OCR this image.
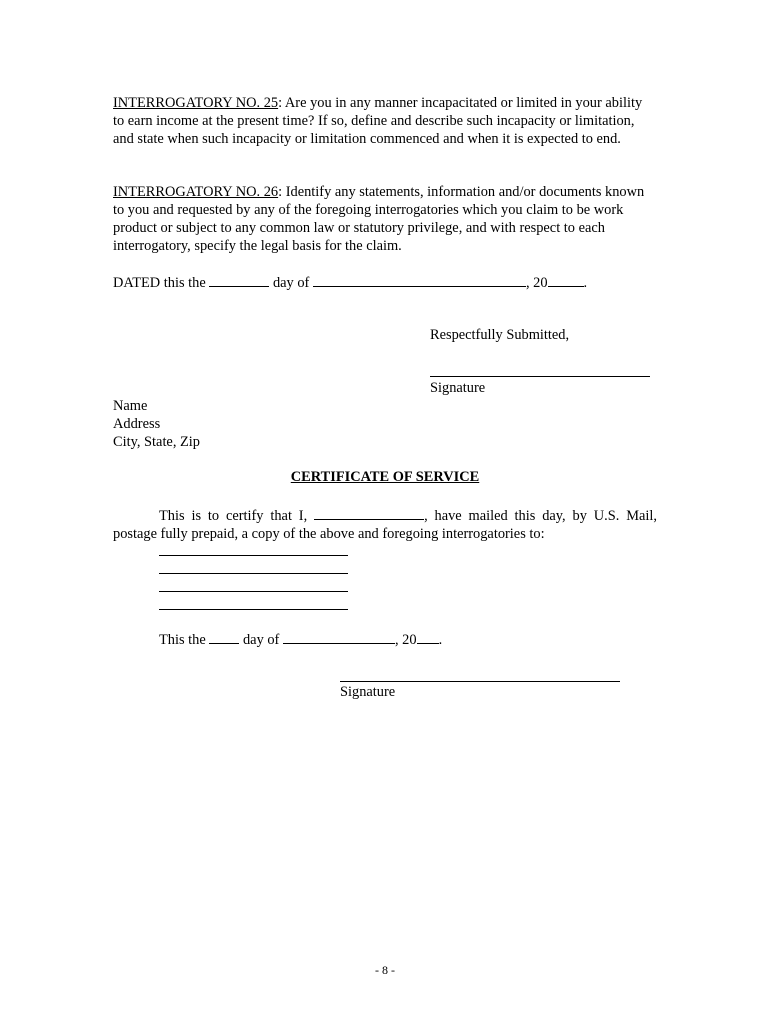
INTERROGATORY NO. 25: Are you in any manner incapacitated or limited in your ability to earn income at the present time? If so, define and describe such incapacity or limitation, and state when such incapacity or limitation commenced and when it is expected to end.

INTERROGATORY NO. 26: Identify any statements, information and/or documents known to you and requested by any of the foregoing interrogatories which you claim to be work product or subject to any common law or statutory privilege, and with respect to each interrogatory, specify the legal basis for the claim.

DATED this the	day of	, 20	.
Respectfully Submitted,
Signature
Name
Address
City, State, Zip
CERTIFICATE OF SERVICE

This is to certify that I,	, have mailed this day, by U.S. Mail, postage fully prepaid, a copy of the above and foregoing interrogatories to:

This the	day of	, 20 .
Signature
- 8 -
